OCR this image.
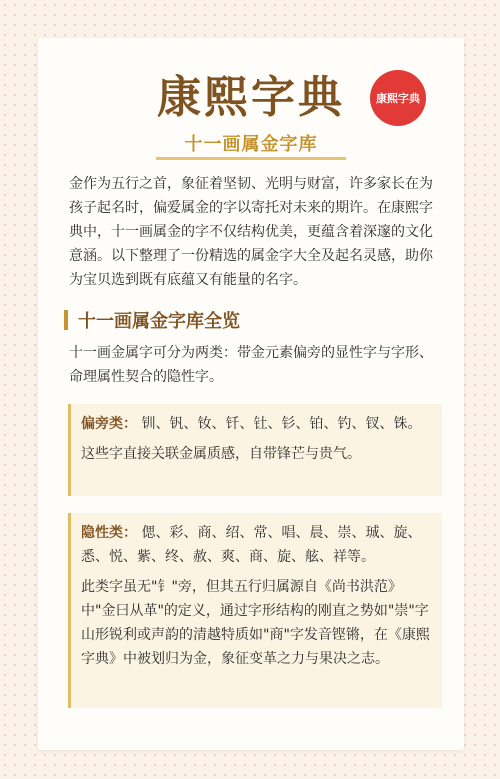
康熙字典	康熙字典
十一画属金字库

金作为五行之首，象征着坚韧、光明与财富，许多家长在为孩子起名时，偏爱属金的字以寄托对未来的期许。在康熙字典中，十一画属金的字不仅结构优美，更蕴含着深邃的文化意涵。以下整理了一份精选的属金字大全及起名灵感，助你为宝贝选到既有底蕴又有能量的名字。

十一画属金字库全览

十一画金属字可分为两类：带金元素偏旁的显性字与字形、命理属性契合的隐性字。

偏旁类： 钏、钒、钕、钎、钍、钐、铂、钓、钗、铢。

这些字直接关联金属质感，自带锋芒与贵气。

隐性类： 偲、彩、商、绍、常、唱、晨、崇、珹、旋、悉、悦、紫、终、赦、爽、商、旋、舷、祥等。

此类字虽无"钅"旁，但其五行归属源自《尚书洪范》中"金曰从革"的定义，通过字形结构的刚直之势如"崇"字山形锐利或声韵的清越特质如"商"字发音铿锵，在《康熙字典》中被划归为金，象征变革之力与果决之志。
